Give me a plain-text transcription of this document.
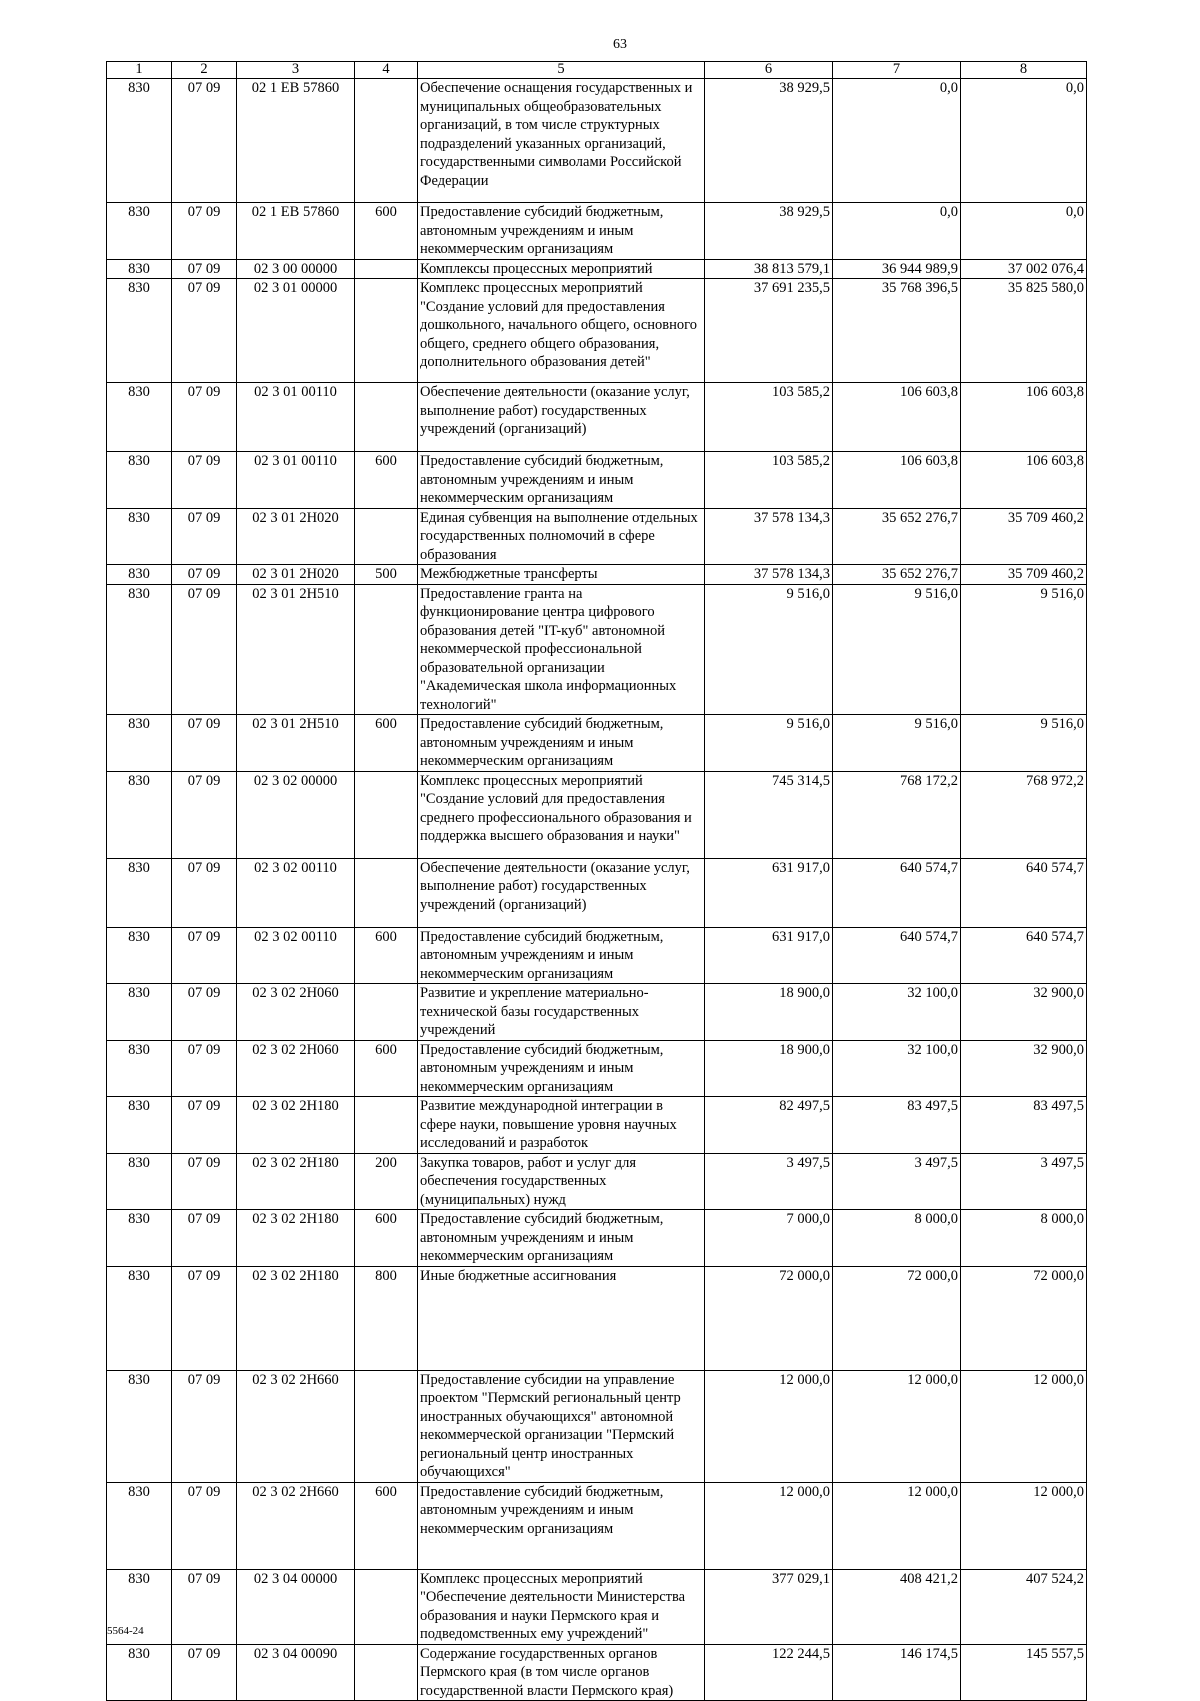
63
1	2	3	4	5	6	7	8
830	07 09	02 1 EB 57860		Обеспечение оснащения государственных и муниципальных общеобразовательных организаций, в том числе структурных подразделений указанных организаций, государственными символами Российской Федерации	38 929,5	0,0	0,0
830	07 09	02 1 EB 57860	600	Предоставление субсидий бюджетным, автономным учреждениям и иным некоммерческим организациям	38 929,5	0,0	0,0
830	07 09	02 3 00 00000		Комплексы процессных мероприятий	38 813 579,1	36 944 989,9	37 002 076,4
830	07 09	02 3 01 00000		Комплекс процессных мероприятий "Создание условий для предоставления дошкольного, начального общего, основного общего, среднего общего образования, дополнительного образования детей"	37 691 235,5	35 768 396,5	35 825 580,0
830	07 09	02 3 01 00110		Обеспечение деятельности (оказание услуг, выполнение работ) государственных учреждений (организаций)	103 585,2	106 603,8	106 603,8
830	07 09	02 3 01 00110	600	Предоставление субсидий бюджетным, автономным учреждениям и иным некоммерческим организациям	103 585,2	106 603,8	106 603,8
830	07 09	02 3 01 2Н020		Единая субвенция на выполнение отдельных государственных полномочий в сфере образования	37 578 134,3	35 652 276,7	35 709 460,2
830	07 09	02 3 01 2Н020	500	Межбюджетные трансферты	37 578 134,3	35 652 276,7	35 709 460,2
830	07 09	02 3 01 2Н510		Предоставление гранта на функционирование центра цифрового образования детей "IT-куб" автономной некоммерческой профессиональной образовательной организации "Академическая школа информационных технологий"	9 516,0	9 516,0	9 516,0
830	07 09	02 3 01 2Н510	600	Предоставление субсидий бюджетным, автономным учреждениям и иным некоммерческим организациям	9 516,0	9 516,0	9 516,0
830	07 09	02 3 02 00000		Комплекс процессных мероприятий "Создание условий для предоставления среднего профессионального образования и поддержка высшего образования и науки"	745 314,5	768 172,2	768 972,2
830	07 09	02 3 02 00110		Обеспечение деятельности (оказание услуг, выполнение работ) государственных учреждений (организаций)	631 917,0	640 574,7	640 574,7
830	07 09	02 3 02 00110	600	Предоставление субсидий бюджетным, автономным учреждениям и иным некоммерческим организациям	631 917,0	640 574,7	640 574,7
830	07 09	02 3 02 2Н060		Развитие и укрепление материально-технической базы государственных учреждений	18 900,0	32 100,0	32 900,0
830	07 09	02 3 02 2Н060	600	Предоставление субсидий бюджетным, автономным учреждениям и иным некоммерческим организациям	18 900,0	32 100,0	32 900,0
830	07 09	02 3 02 2Н180		Развитие международной интеграции в сфере науки, повышение уровня научных исследований и разработок	82 497,5	83 497,5	83 497,5
830	07 09	02 3 02 2Н180	200	Закупка товаров, работ и услуг для обеспечения государственных (муниципальных) нужд	3 497,5	3 497,5	3 497,5
830	07 09	02 3 02 2Н180	600	Предоставление субсидий бюджетным, автономным учреждениям и иным некоммерческим организациям	7 000,0	8 000,0	8 000,0
830	07 09	02 3 02 2Н180	800	Иные бюджетные ассигнования	72 000,0	72 000,0	72 000,0
830	07 09	02 3 02 2Н660		Предоставление субсидии на управление проектом "Пермский региональный центр иностранных обучающихся" автономной некоммерческой организации "Пермский региональный центр иностранных обучающихся"	12 000,0	12 000,0	12 000,0
830	07 09	02 3 02 2Н660	600	Предоставление субсидий бюджетным, автономным учреждениям и иным некоммерческим организациям	12 000,0	12 000,0	12 000,0
830	07 09	02 3 04 00000		Комплекс процессных мероприятий "Обеспечение деятельности Министерства образования и науки Пермского края и подведомственных ему учреждений"	377 029,1	408 421,2	407 524,2
830	07 09	02 3 04 00090		Содержание государственных органов Пермского края (в том числе органов государственной власти Пермского края)	122 244,5	146 174,5	145 557,5
5564-24
